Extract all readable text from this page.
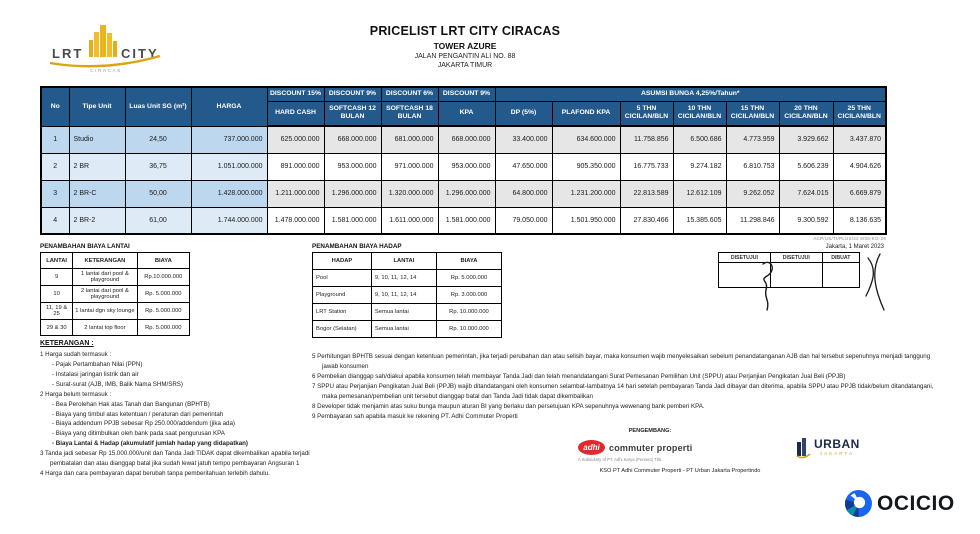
LRT	CITY
CIRACAS
PRICELIST LRT CITY CIRACAS
TOWER AZURE
JALAN PENGANTIN ALI NO. 88
JAKARTA TIMUR
No	Tipe Unit	Luas Unit SG (m²)	HARGA	DISCOUNT 15%	DISCOUNT 9%	DISCOUNT 6%	DISCOUNT 9%	ASUMSI BUNGA 4,25%/Tahun*						
				HARD CASH	SOFTCASH 12 BULAN	SOFTCASH 18 BULAN	KPA	DP (5%)	PLAFOND KPA	5 THN CICILAN/BLN	10 THN CICILAN/BLN	15 THN CICILAN/BLN	20 THN CICILAN/BLN	25 THN CICILAN/BLN
1	Studio	24,50	737.000.000	625.000.000	668.000.000	681.000.000	668.000.000	33.400.000	634.600.000	11.758.856	6.500.686	4.773.959	3.929.662	3.437.870
2	2 BR	36,75	1.051.000.000	891.000.000	953.000.000	971.000.000	953.000.000	47.650.000	905.350.000	16.775.733	9.274.182	6.810.753	5.606.239	4.904.626
3	2 BR-C	50,00	1.428.000.000	1.211.000.000	1.296.000.000	1.320.000.000	1.296.000.000	64.800.000	1.231.200.000	22.813.589	12.612.109	9.262.052	7.624.015	6.669.879
4	2 BR-2	61,00	1.744.000.000	1.478.000.000	1.581.000.000	1.611.000.000	1.581.000.000	79.050.000	1.501.950.000	27.830.466	15.385.605	11.298.846	9.300.592	8.136.635
PENAMBAHAN BIAYA LANTAI
LANTAI	KETERANGAN	BIAYA
9	1 lantai dari pool & playground	Rp.10.000.000
10	2 lantai dari pool & playground	Rp. 5.000.000
11, 19 & 25	1 lantai dgn sky lounge	Rp. 5.000.000
29 & 30	2 lantai top floor	Rp. 5.000.000
PENAMBAHAN BIAYA HADAP
HADAP	LANTAI	BIAYA
Pool	9, 10, 11, 12, 14	Rp. 5.000.000
Playground	9, 10, 11, 12, 14	Rp. 3.000.000
LRT Station	Semua lantai	Rp. 10.000.000
Bogor (Selatan)	Semua lantai	Rp. 10.000.000
ACP/US/TI/PLUS/23 8/05-KG-26
Jakarta, 1 Maret 2023
DISETUJUI	DISETUJUI	DIBUAT

KETERANGAN :
1 Harga sudah termasuk :
- Pajak Pertambahan Nilai (PPN)
- Instalasi jaringan listrik dan air
- Surat-surat (AJB, IMB, Balik Nama SHM/SRS)
2 Harga belum termasuk :
- Bea Perolehan Hak atas Tanah dan Bangunan (BPHTB)
- Biaya yang timbul atas ketentuan / peraturan dari pemerintah
- Biaya addendum PPJB sebesar Rp 250.000/addendum (jika ada)
- Biaya yang ditimbulkan oleh bank pada saat pengurusan KPA
- Biaya Lantai & Hadap (akumulatif jumlah hadap yang didapatkan)
3 Tanda jadi sebesar Rp 15.000.000/unit dan Tanda Jadi TIDAK dapat dikembalikan apabila terjadi pembatalan dan atau dianggap batal jika sudah lewat jatuh tempo pembayaran Angsuran 1
4 Harga dan cara pembayaran dapat berubah tanpa pemberitahuan terlebih dahulu.
5 Perhitungan BPHTB sesuai dengan ketentuan pemerintah, jika terjadi perubahan dan atau selisih bayar, maka konsumen wajib menyelesaikan sebelum penandatanganan AJB dan hal tersebut sepenuhnya menjadi tanggung jawab konsumen
6 Pembelian dianggap sah/diakui apabila konsumen telah membayar Tanda Jadi dan telah menandatangani Surat Pemesanan Pemilihan Unit (SPPU) atau Perjanjian Pengikatan Jual Beli (PPJB)
7 SPPU atau Perjanjian Pengikatan Jual Beli (PPJB) wajib ditandatangani oleh konsumen selambat-lambatnya 14 hari setelah pembayaran Tanda Jadi dibayar dan diterima, apabila SPPU atau PPJB tidak/belum ditandatangani, maka pemesanan/pembelian unit tersebut dianggap batal dan Tanda Jadi tidak dapat dikembalikan
8 Developer tidak menjamin atas suku bunga maupun aturan BI yang berlaku dan persetujuan KPA sepenuhnya wewenang bank pemberi KPA.
9 Pembayaran sah apabila masuk ke rekening PT. Adhi Commuter Properti
PENGEMBANG:
adhi	commuter properti
A Subsidiary of PT. Adhi Karya (Persero) Tbk.
KSO PT Adhi Commuter Properti - PT Urban Jakarta Propertindo
URBAN
JAKARTA
OCICIO
